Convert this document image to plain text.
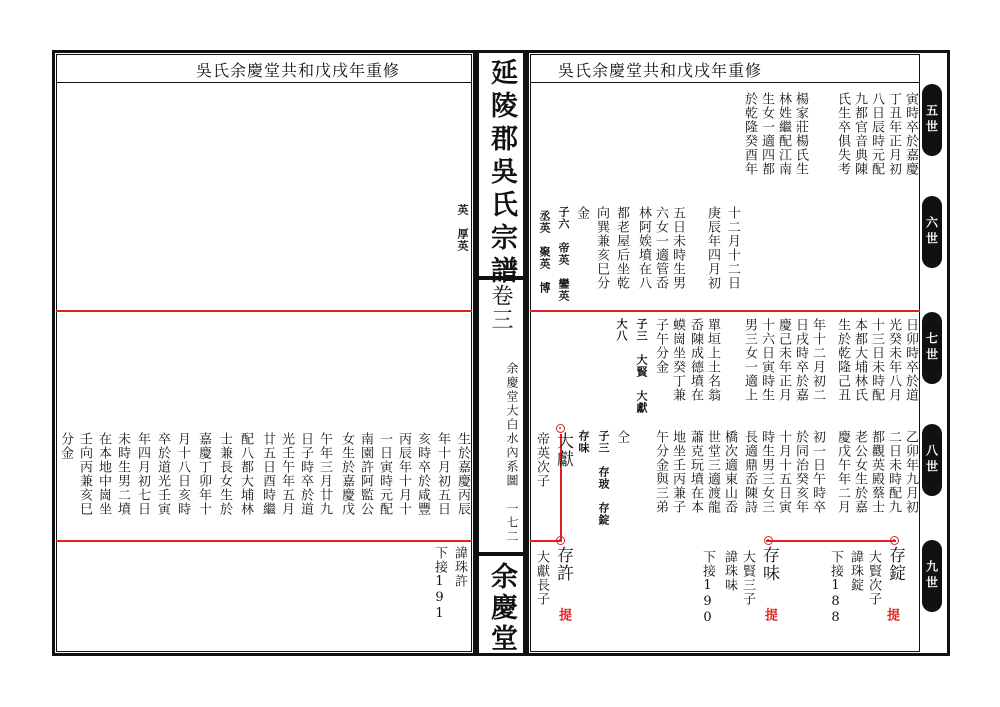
吳氏余慶堂共和戊戌年重修	吳氏余慶堂共和戊戌年重修
延陵郡吳氏宗譜
卷三
余慶堂大白水內系圖　一七二
余慶堂
五世
六世
七世
八世
九世
寅時卒於嘉慶
丁丑年正月初
八日辰時元配
九都官音典陳
氏生卒俱失考
楊家莊楊氏生
林姓繼配江南
生女一適四都
於乾隆癸酉年
十二月十二日
庚辰年四月初
五日未時生男
六女一適管岙
林阿娭墳在八
都老屋后坐乾
向巽兼亥巳分
金
子六　帝英　鑾英
丞英　聚英　博
日卯時卒於道
光癸未年八月
十三日未時配
本都大埔林氏
生於乾隆己丑
年十二月初二
日戌時卒於嘉
慶己未年正月
十六日寅時生
男三女一適上
單垣上土名翁
岙陳成德墳在
蟆崗坐癸丁兼
子午分金
子三　大賢　大獻
大八
乙卯年九月初
二日未時配九
都觀英殿蔡士
老公女生於嘉
慶戊午年二月
初一日午時卒
於同治癸亥年
十月十五日寅
時生男三女三
長適鼎岙陳詩
橋次適東山岙
世堂三適渡龍
蕭克玩墳在本
地坐壬丙兼子
午分金與三弟
仝
子三　存玻　存錠
存味
帝英次子 大獻
存錠
大賢次子
諱珠錠
下接188	提
存味
大賢三子
諱珠味
下接190	提
存許
大獻長子
提
英　厚英
生於嘉慶丙辰
年十月初五日
亥時卒於咸豐
丙辰年十月十
一日寅時元配
南園許阿監公
女生於嘉慶戊
午年三月廿九
日子時卒於道
光壬午年五月
廿五日酉時繼
配八都大埔林
士兼長女生於
嘉慶丁卯年十
月十八日亥時
卒於道光壬寅
年四月初七日
未時生男二墳
在本地中崗坐
壬向丙兼亥巳
分金
諱珠許
下接191
